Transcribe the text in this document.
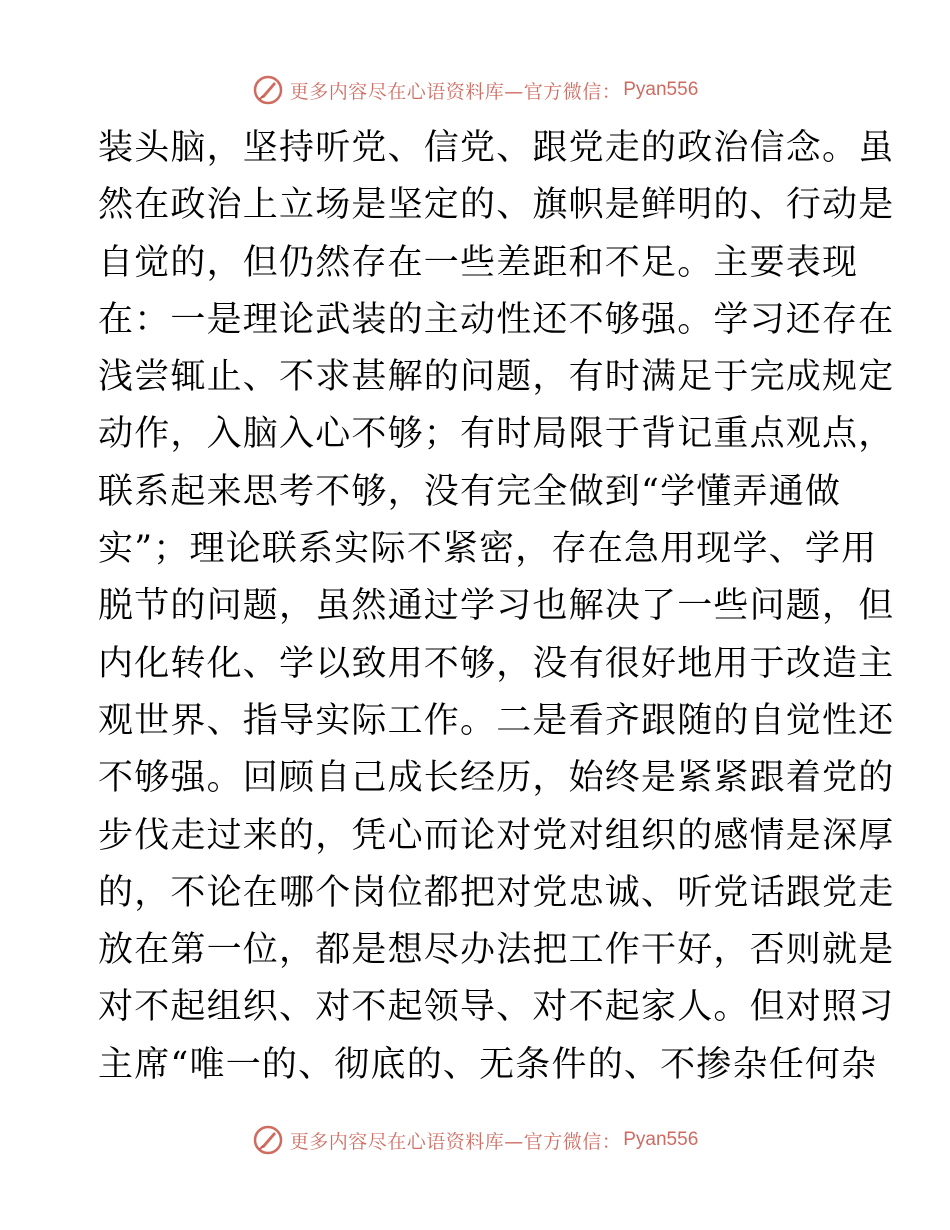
更多内容尽在心语资料库—官方微信： Pyan556
装头脑，坚持听党、信党、跟党走的政治信念。虽
然在政治上立场是坚定的、旗帜是鲜明的、行动是
自觉的，但仍然存在一些差距和不足。主要表现
在：一是理论武装的主动性还不够强。学习还存在
浅尝辄止、不求甚解的问题，有时满足于完成规定
动作，入脑入心不够；有时局限于背记重点观点，
联系起来思考不够，没有完全做到“学懂弄通做
实”；理论联系实际不紧密，存在急用现学、学用
脱节的问题，虽然通过学习也解决了一些问题，但
内化转化、学以致用不够，没有很好地用于改造主
观世界、指导实际工作。二是看齐跟随的自觉性还
不够强。回顾自己成长经历，始终是紧紧跟着党的
步伐走过来的，凭心而论对党对组织的感情是深厚
的，不论在哪个岗位都把对党忠诚、听党话跟党走
放在第一位，都是想尽办法把工作干好，否则就是
对不起组织、对不起领导、对不起家人。但对照习
主席“唯一的、彻底的、无条件的、不掺杂任何杂
更多内容尽在心语资料库—官方微信： Pyan556
